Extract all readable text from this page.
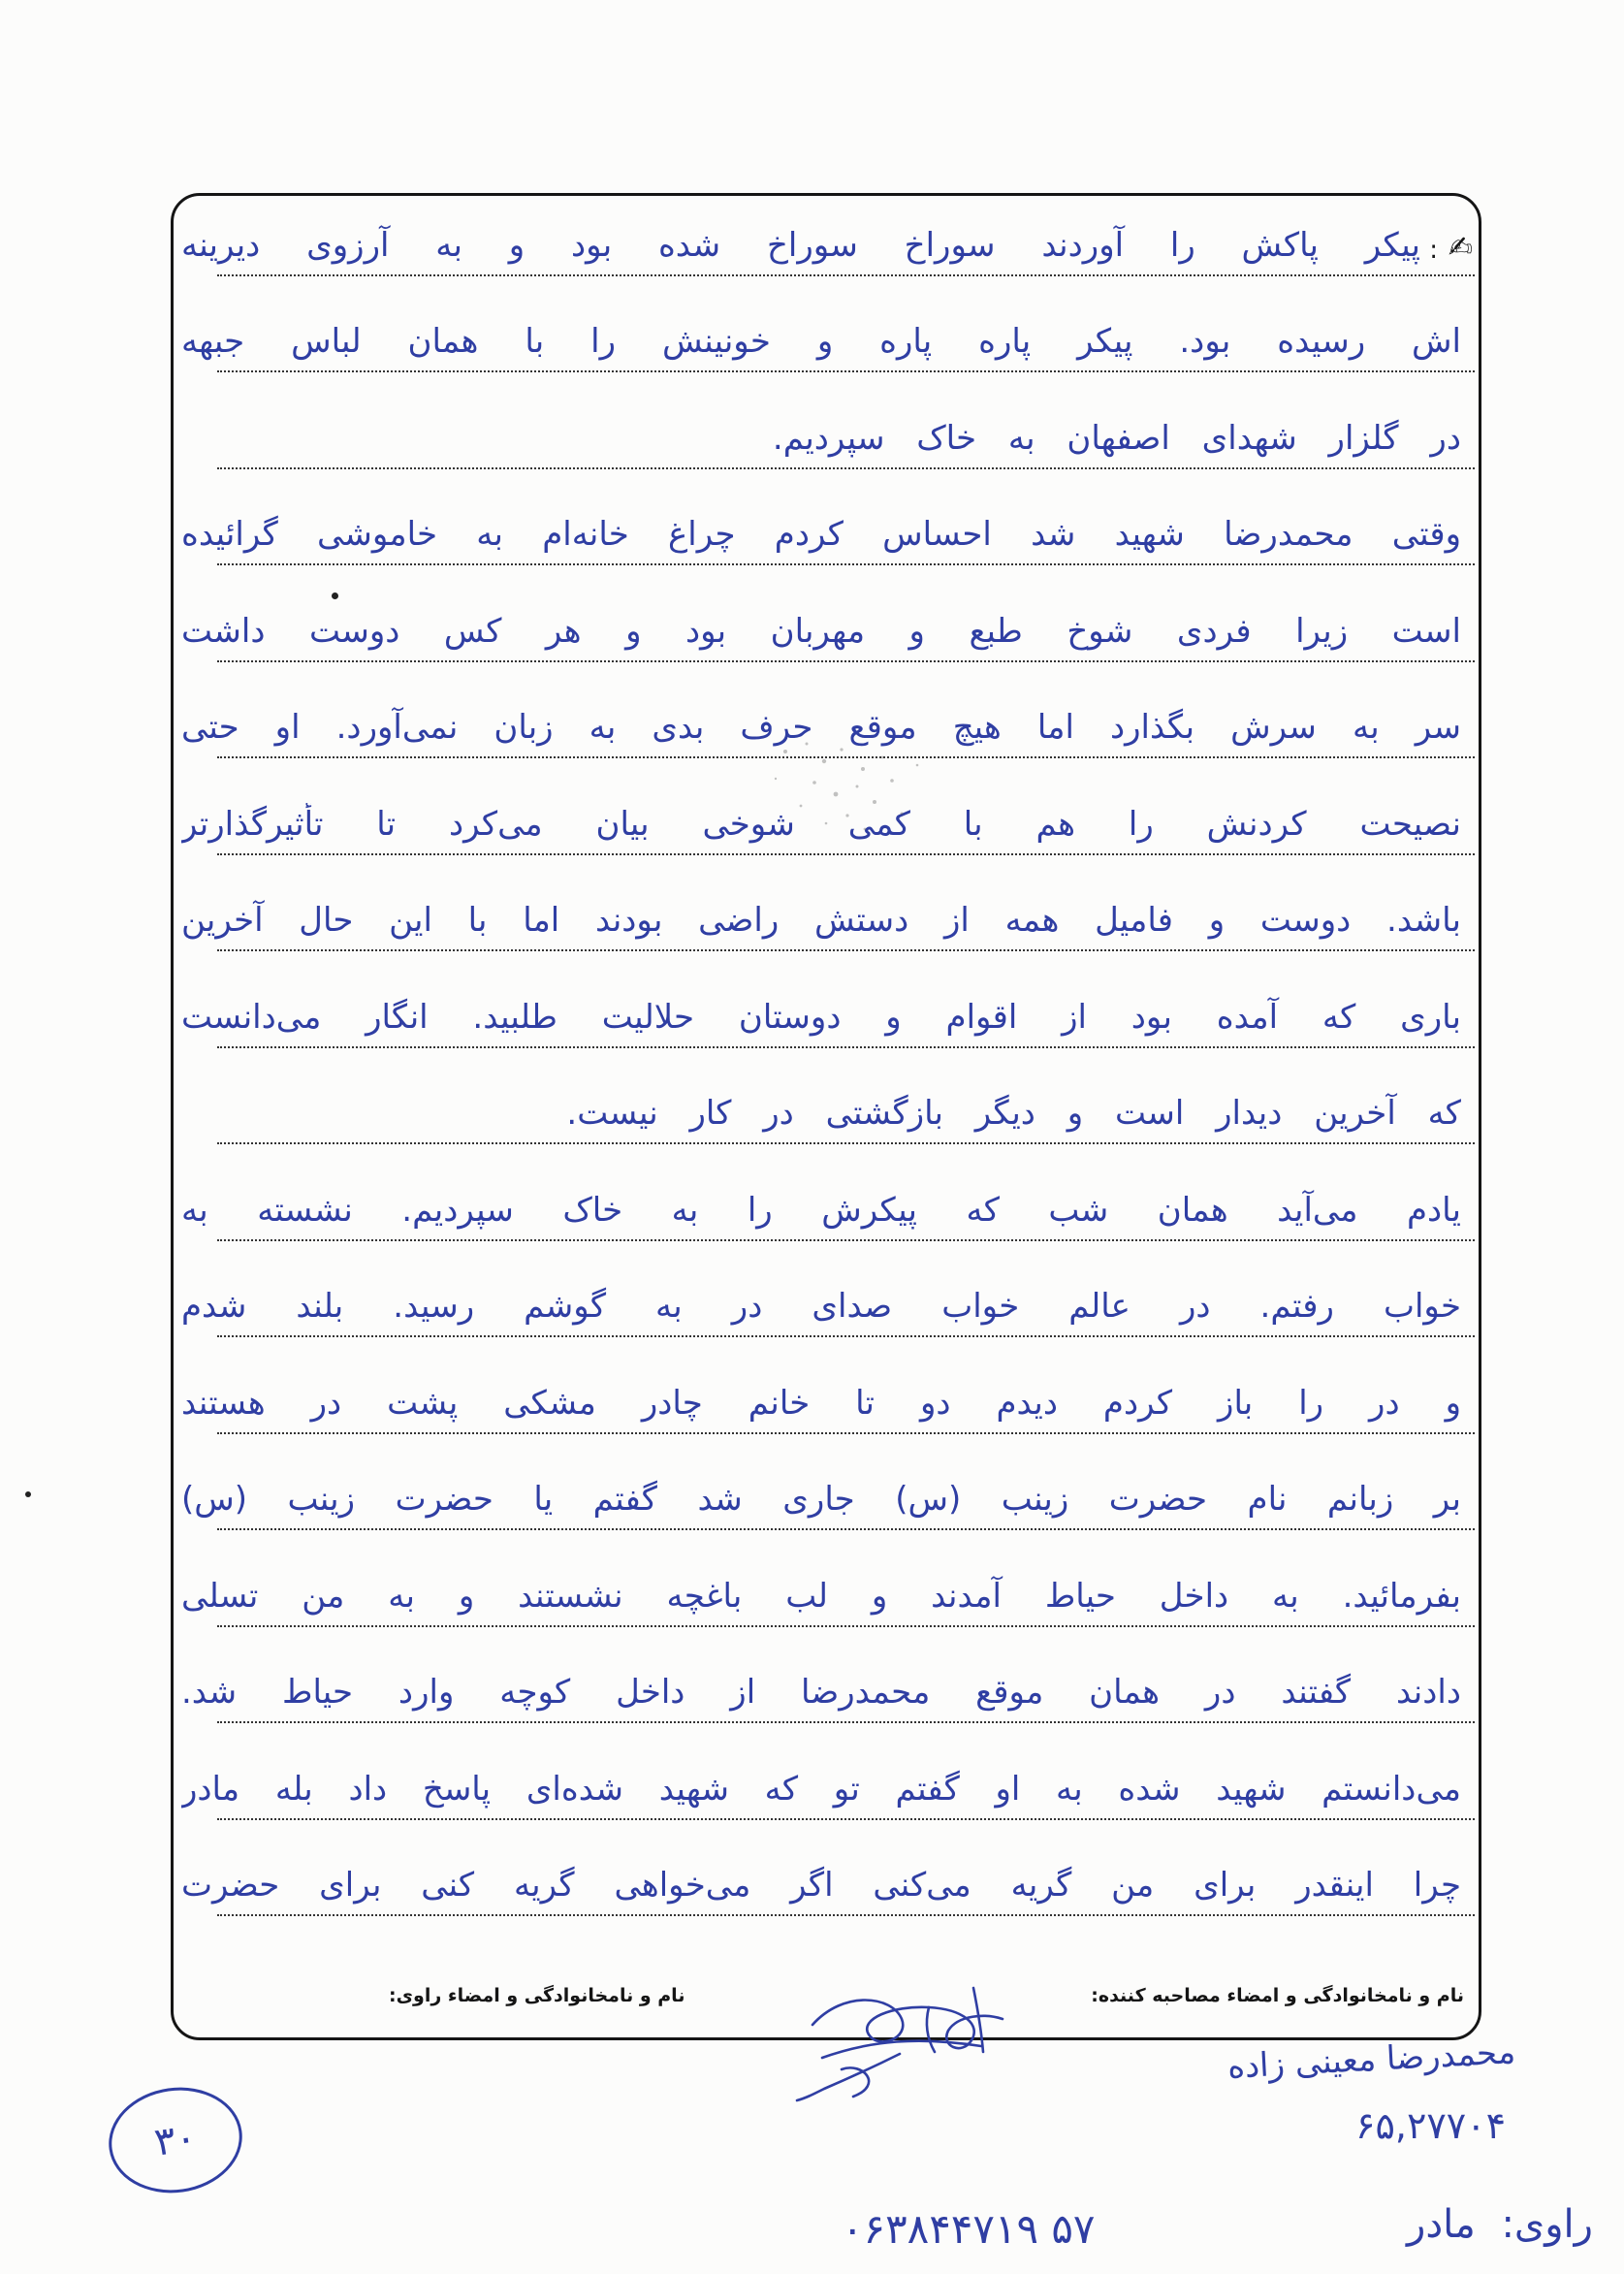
✍
:
پیکر پاکش را آوردند سوراخ سوراخ شده بود و به آرزوی دیرینه
اش رسیده بود. پیکر پاره پاره و خونینش را با همان لباس جبهه
در گلزار شهدای اصفهان به خاک سپردیم.
وقتی محمدرضا شهید شد احساس کردم چراغ خانه‌ام به خاموشی گرائیده
است زیرا فردی شوخ طبع و مهربان بود و هر کس دوست داشت
سر به سرش بگذارد اما هیچ موقع حرف بدی به زبان نمی‌آورد. او حتی
نصیحت کردنش را هم با کمی شوخی بیان می‌کرد تا تأثیرگذارتر
باشد. دوست و فامیل همه از دستش راضی بودند اما با این حال آخرین
باری که آمده بود از اقوام و دوستان حلالیت طلبید. انگار می‌دانست
که آخرین دیدار است و دیگر بازگشتی در کار نیست.
یادم می‌آید همان شب که پیکرش را به خاک سپردیم. نشسته به
خواب رفتم. در عالم خواب صدای در به گوشم رسید. بلند شدم
و در را باز کردم دیدم دو تا خانم چادر مشکی پشت در هستند
بر زبانم نام حضرت زینب (س) جاری شد گفتم یا حضرت زینب (س)
بفرمائید. به داخل حیاط آمدند و لب باغچه نشستند و به من تسلی
دادند گفتند در همان موقع محمدرضا از داخل کوچه وارد حیاط شد.
می‌دانستم شهید شده به او گفتم تو که شهید شده‌ای پاسخ داد بله مادر
چرا اینقدر برای من گریه می‌کنی اگر می‌خواهی گریه کنی برای حضرت
نام و نامخانوادگی و امضاء مصاحبه کننده:
نام و نامخانوادگی و امضاء راوی:
محمدرضا معینی زاده
۶۵,۲۷۷۰۴
۳۰
۰۶۳۸۴۴۷۱۹ ۵۷	راوی: مادر
